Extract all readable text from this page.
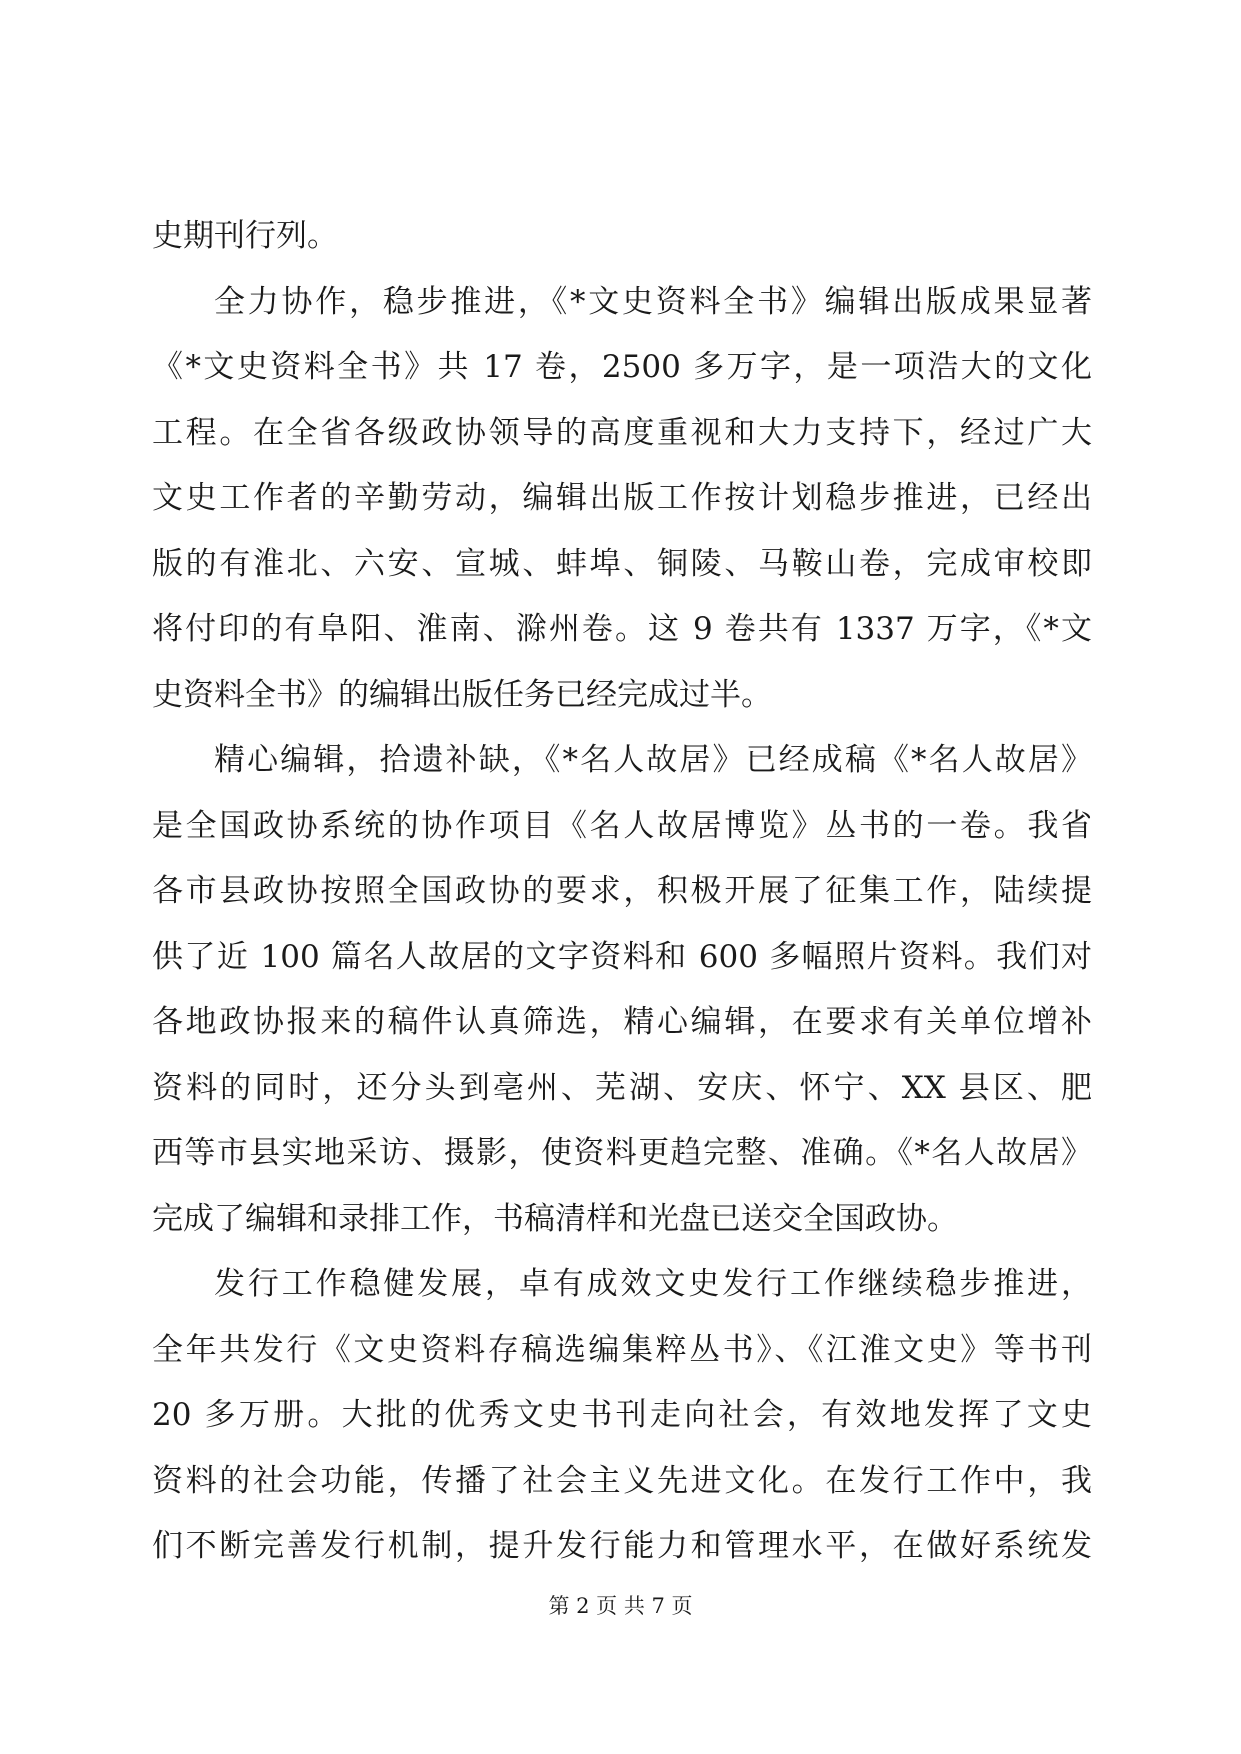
史期刊行列。
全力协作，稳步推进，《*文史资料全书》编辑出版成果显著
《*文史资料全书》共 17 卷，2500 多万字，是一项浩大的文化
工程。在全省各级政协领导的高度重视和大力支持下，经过广大
文史工作者的辛勤劳动，编辑出版工作按计划稳步推进，已经出
版的有淮北、六安、宣城、蚌埠、铜陵、马鞍山卷，完成审校即
将付印的有阜阳、淮南、滁州卷。这 9 卷共有 1337 万字，《*文
史资料全书》的编辑出版任务已经完成过半。
精心编辑，拾遗补缺，《*名人故居》已经成稿《*名人故居》
是全国政协系统的协作项目《名人故居博览》丛书的一卷。我省
各市县政协按照全国政协的要求，积极开展了征集工作，陆续提
供了近 100 篇名人故居的文字资料和 600 多幅照片资料。我们对
各地政协报来的稿件认真筛选，精心编辑，在要求有关单位增补
资料的同时，还分头到亳州、芜湖、安庆、怀宁、XX 县区、肥
西等市县实地采访、摄影，使资料更趋完整、准确。《*名人故居》
完成了编辑和录排工作，书稿清样和光盘已送交全国政协。
发行工作稳健发展，卓有成效文史发行工作继续稳步推进，
全年共发行《文史资料存稿选编集粹丛书》、《江淮文史》等书刊
20 多万册。大批的优秀文史书刊走向社会，有效地发挥了文史
资料的社会功能，传播了社会主义先进文化。在发行工作中，我
们不断完善发行机制，提升发行能力和管理水平，在做好系统发
第 2 页 共 7 页
